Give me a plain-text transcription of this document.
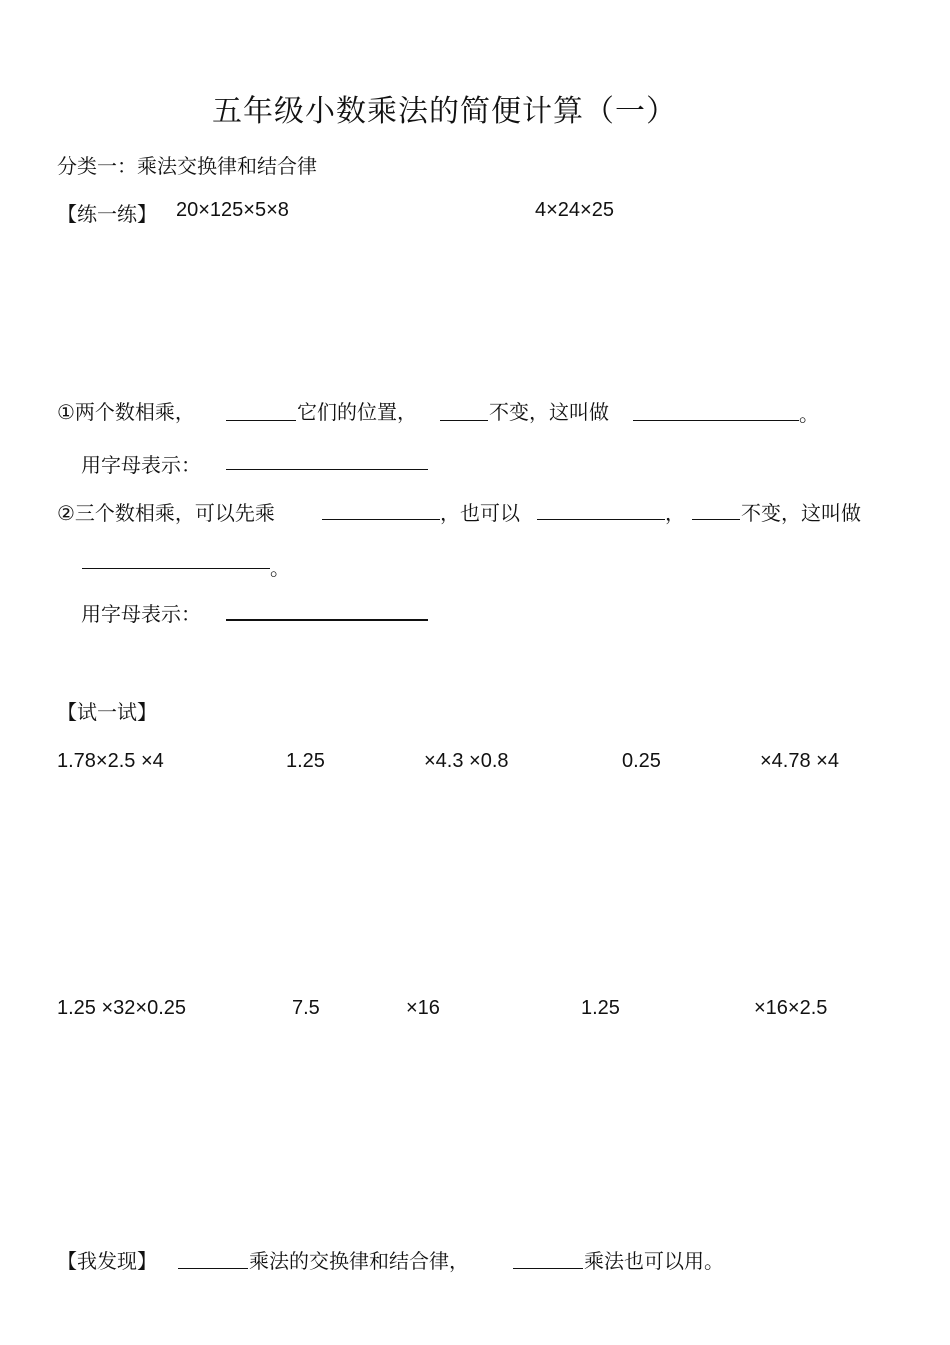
五年级小数乘法的简便计算（一）
分类一：乘法交换律和结合律
【练一练】 20×125×5×8	4×24×25
①两个数相乘，	它们的位置，	不变，这叫做	。
用字母表示：
②三个数相乘，可以先乘	，也可以	，	不变，这叫做
。
用字母表示：
【试一试】
1.78×2.5 ×4	1.25	×4.3 ×0.8	0.25	×4.78 ×4
1.25 ×32×0.25	7.5	×16	1.25	×16×2.5
【我发现】	乘法的交换律和结合律，	乘法也可以用。
